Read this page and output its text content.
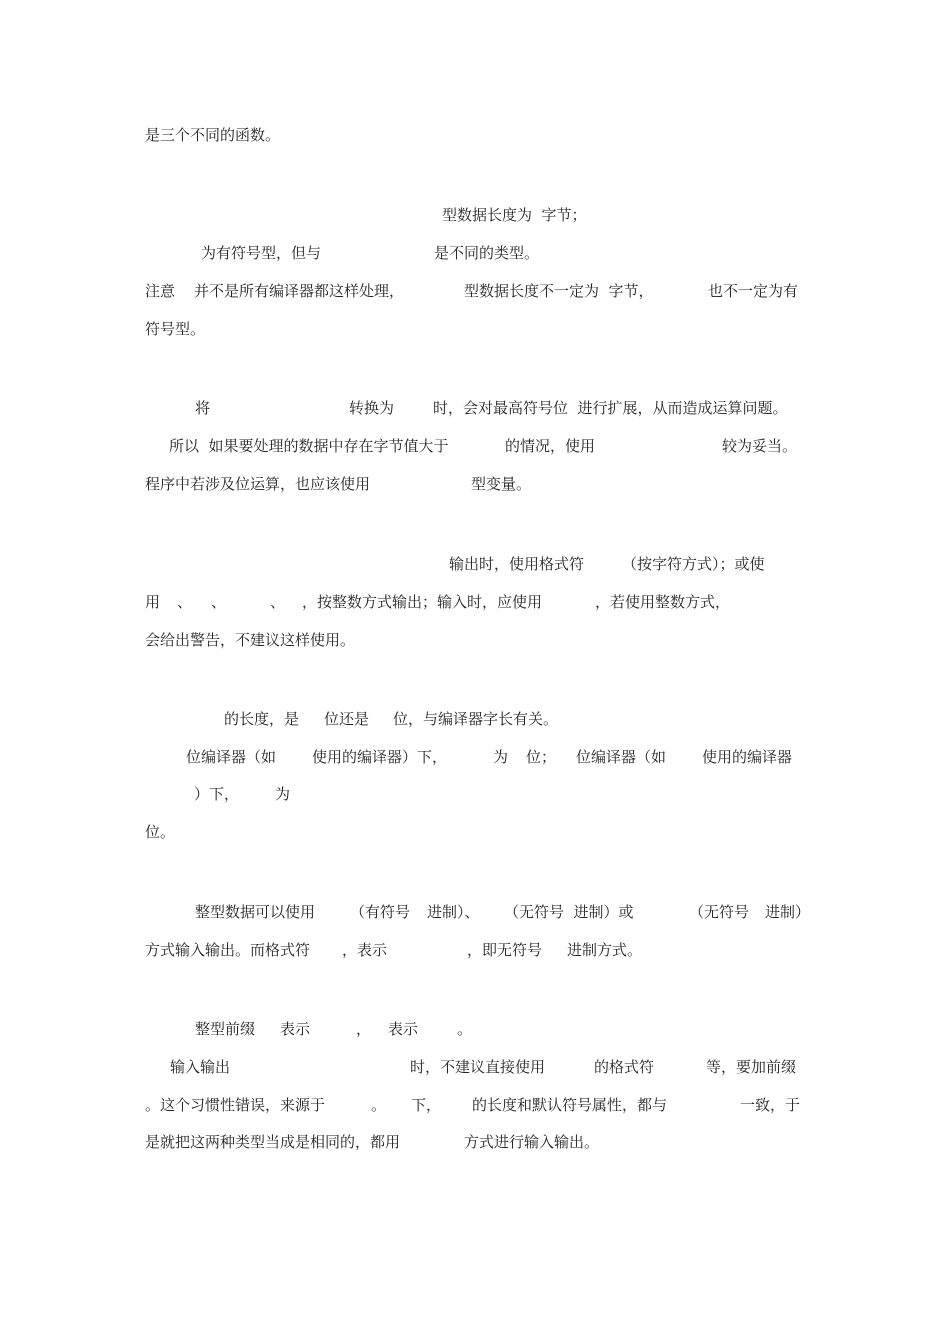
是三个不同的函数。
型数据长度为  字节；
为有符号型，但与	是不同的类型。
注意 并不是所有编译器都这样处理，	型数据长度不一定为  字节，	也不一定为有
符号型。
将	转换为	时，会对最高符号位  进行扩展，从而造成运算问题。
所以  如果要处理的数据中存在字节值大于	的情况，使用	较为妥当。
程序中若涉及位运算，也应该使用	型变量。
输出时，使用格式符	（按字符方式）；或使
用 、 、	、 ，按整数方式输出；输入时，应使用	，若使用整数方式，
会给出警告，不建议这样使用。
的长度，是 位还是 位，与编译器字长有关。
位编译器（如 使用的编译器）下，	为 位； 位编译器（如 使用的编译器
）下， 为
位。
整型数据可以使用 （有符号 进制）、 （无符号  进制）或	（无符号 进制）
方式输入输出。而格式符 ，表示	，即无符号 进制方式。
整型前缀 表示	， 表示	。
输入输出	时，不建议直接使用	的格式符	等，要加前缀
。这个习惯性错误，来源于	。 下， 的长度和默认符号属性，都与	一致，于
是就把这两种类型当成是相同的，都用	方式进行输入输出。
